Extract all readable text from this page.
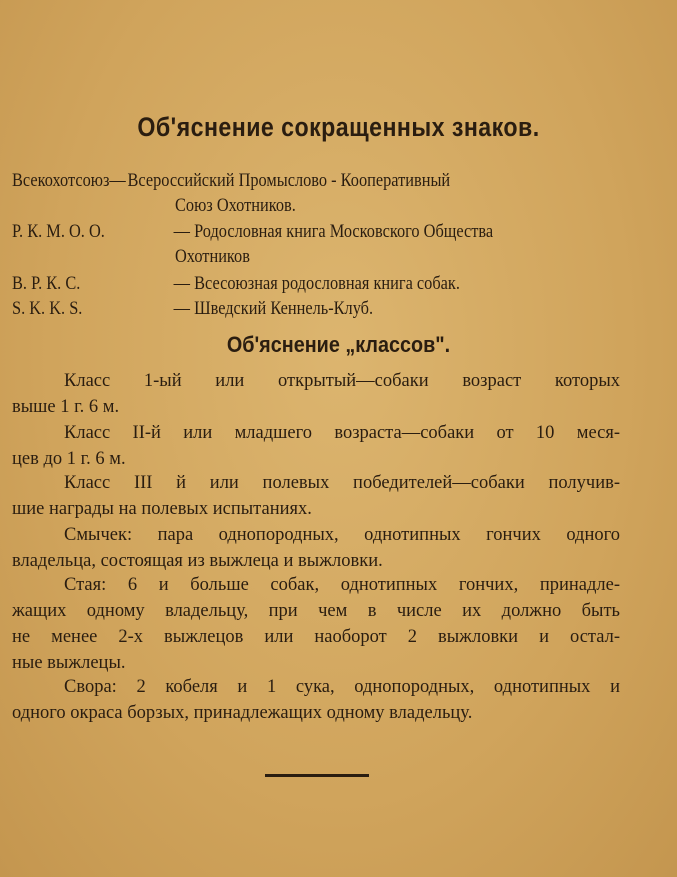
Об'яснение сокращенных знаков.
Всекохотсоюз—Всероссийский Промыслово - Кооперативный
Союз Охотников.
Р. К. М. О. О.	— Родословная книга Московского Общества
Охотников
В. Р. К. С.	— Всесоюзная родословная книга собак.
S. K. K. S.	— Шведский Кеннель-Клуб.
Об'яснение „классов".
Класс 1-ый или открытый—собаки возраст которых
выше 1 г. 6 м.
Класс II-й или младшего возраста—собаки от 10 меся-
цев до 1 г. 6 м.
Класс III й или полевых победителей—собаки получив-
шие награды на полевых испытаниях.
Смычек: пара однопородных, однотипных гончих одного
владельца, состоящая из выжлеца и выжловки.
Стая: 6 и больше собак, однотипных гончих, принадле-
жащих одному владельцу, при чем в числе их должно быть
не менее 2-х выжлецов или наоборот 2 выжловки и остал-
ные выжлецы.
Свора: 2 кобеля и 1 сука, однопородных, однотипных и
одного окраса борзых, принадлежащих одному владельцу.
